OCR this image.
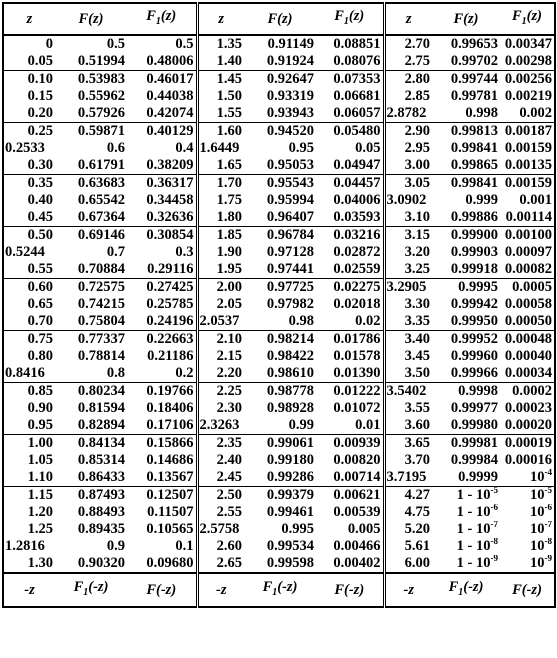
z	F(z)	$F_1(z)$	z	F(z)	$F_1(z)$	z	F(z)	$F_1(z)$
0	0.5	0.5	1.35	0.91149	0.08851	2.70	0.99653	0.00347
0.05	0.51994	0.48006	1.40	0.91924	0.08076	2.75	0.99702	0.00298
0.10	0.53983	0.46017	1.45	0.92647	0.07353	2.80	0.99744	0.00256
0.15	0.55962	0.44038	1.50	0.93319	0.06681	2.85	0.99781	0.00219
0.20	0.57926	0.42074	1.55	0.93943	0.06057	2.8782	0.998	0.002
0.25	0.59871	0.40129	1.60	0.94520	0.05480	2.90	0.99813	0.00187
0.2533	0.6	0.4	1.6449	0.95	0.05	2.95	0.99841	0.00159
0.30	0.61791	0.38209	1.65	0.95053	0.04947	3.00	0.99865	0.00135
0.35	0.63683	0.36317	1.70	0.95543	0.04457	3.05	0.99841	0.00159
0.40	0.65542	0.34458	1.75	0.95994	0.04006	3.0902	0.999	0.001
0.45	0.67364	0.32636	1.80	0.96407	0.03593	3.10	0.99886	0.00114
0.50	0.69146	0.30854	1.85	0.96784	0.03216	3.15	0.99900	0.00100
0.5244	0.7	0.3	1.90	0.97128	0.02872	3.20	0.99903	0.00097
0.55	0.70884	0.29116	1.95	0.97441	0.02559	3.25	0.99918	0.00082
0.60	0.72575	0.27425	2.00	0.97725	0.02275	3.2905	0.9995	0.0005
0.65	0.74215	0.25785	2.05	0.97982	0.02018	3.30	0.99942	0.00058
0.70	0.75804	0.24196	2.0537	0.98	0.02	3.35	0.99950	0.00050
0.75	0.77337	0.22663	2.10	0.98214	0.01786	3.40	0.99952	0.00048
0.80	0.78814	0.21186	2.15	0.98422	0.01578	3.45	0.99960	0.00040
0.8416	0.8	0.2	2.20	0.98610	0.01390	3.50	0.99966	0.00034
0.85	0.80234	0.19766	2.25	0.98778	0.01222	3.5402	0.9998	0.0002
0.90	0.81594	0.18406	2.30	0.98928	0.01072	3.55	0.99977	0.00023
0.95	0.82894	0.17106	2.3263	0.99	0.01	3.60	0.99980	0.00020
1.00	0.84134	0.15866	2.35	0.99061	0.00939	3.65	0.99981	0.00019
1.05	0.85314	0.14686	2.40	0.99180	0.00820	3.70	0.99984	0.00016
1.10	0.86433	0.13567	2.45	0.99286	0.00714	3.7195	0.9999	$10^{-4}$
1.15	0.87493	0.12507	2.50	0.99379	0.00621	4.27	$1 - 10^{-5}$	$10^{-5}$
1.20	0.88493	0.11507	2.55	0.99461	0.00539	4.75	$1 - 10^{-6}$	$10^{-6}$
1.25	0.89435	0.10565	2.5758	0.995	0.005	5.20	$1 - 10^{-7}$	$10^{-7}$
1.2816	0.9	0.1	2.60	0.99534	0.00466	5.61	$1 - 10^{-8}$	$10^{-8}$
1.30	0.90320	0.09680	2.65	0.99598	0.00402	6.00	$1 - 10^{-9}$	$10^{-9}$
-z	$F_1(-z)$	F(-z)	-z	$F_1(-z)$	F(-z)	-z	$F_1(-z)$	F(-z)
